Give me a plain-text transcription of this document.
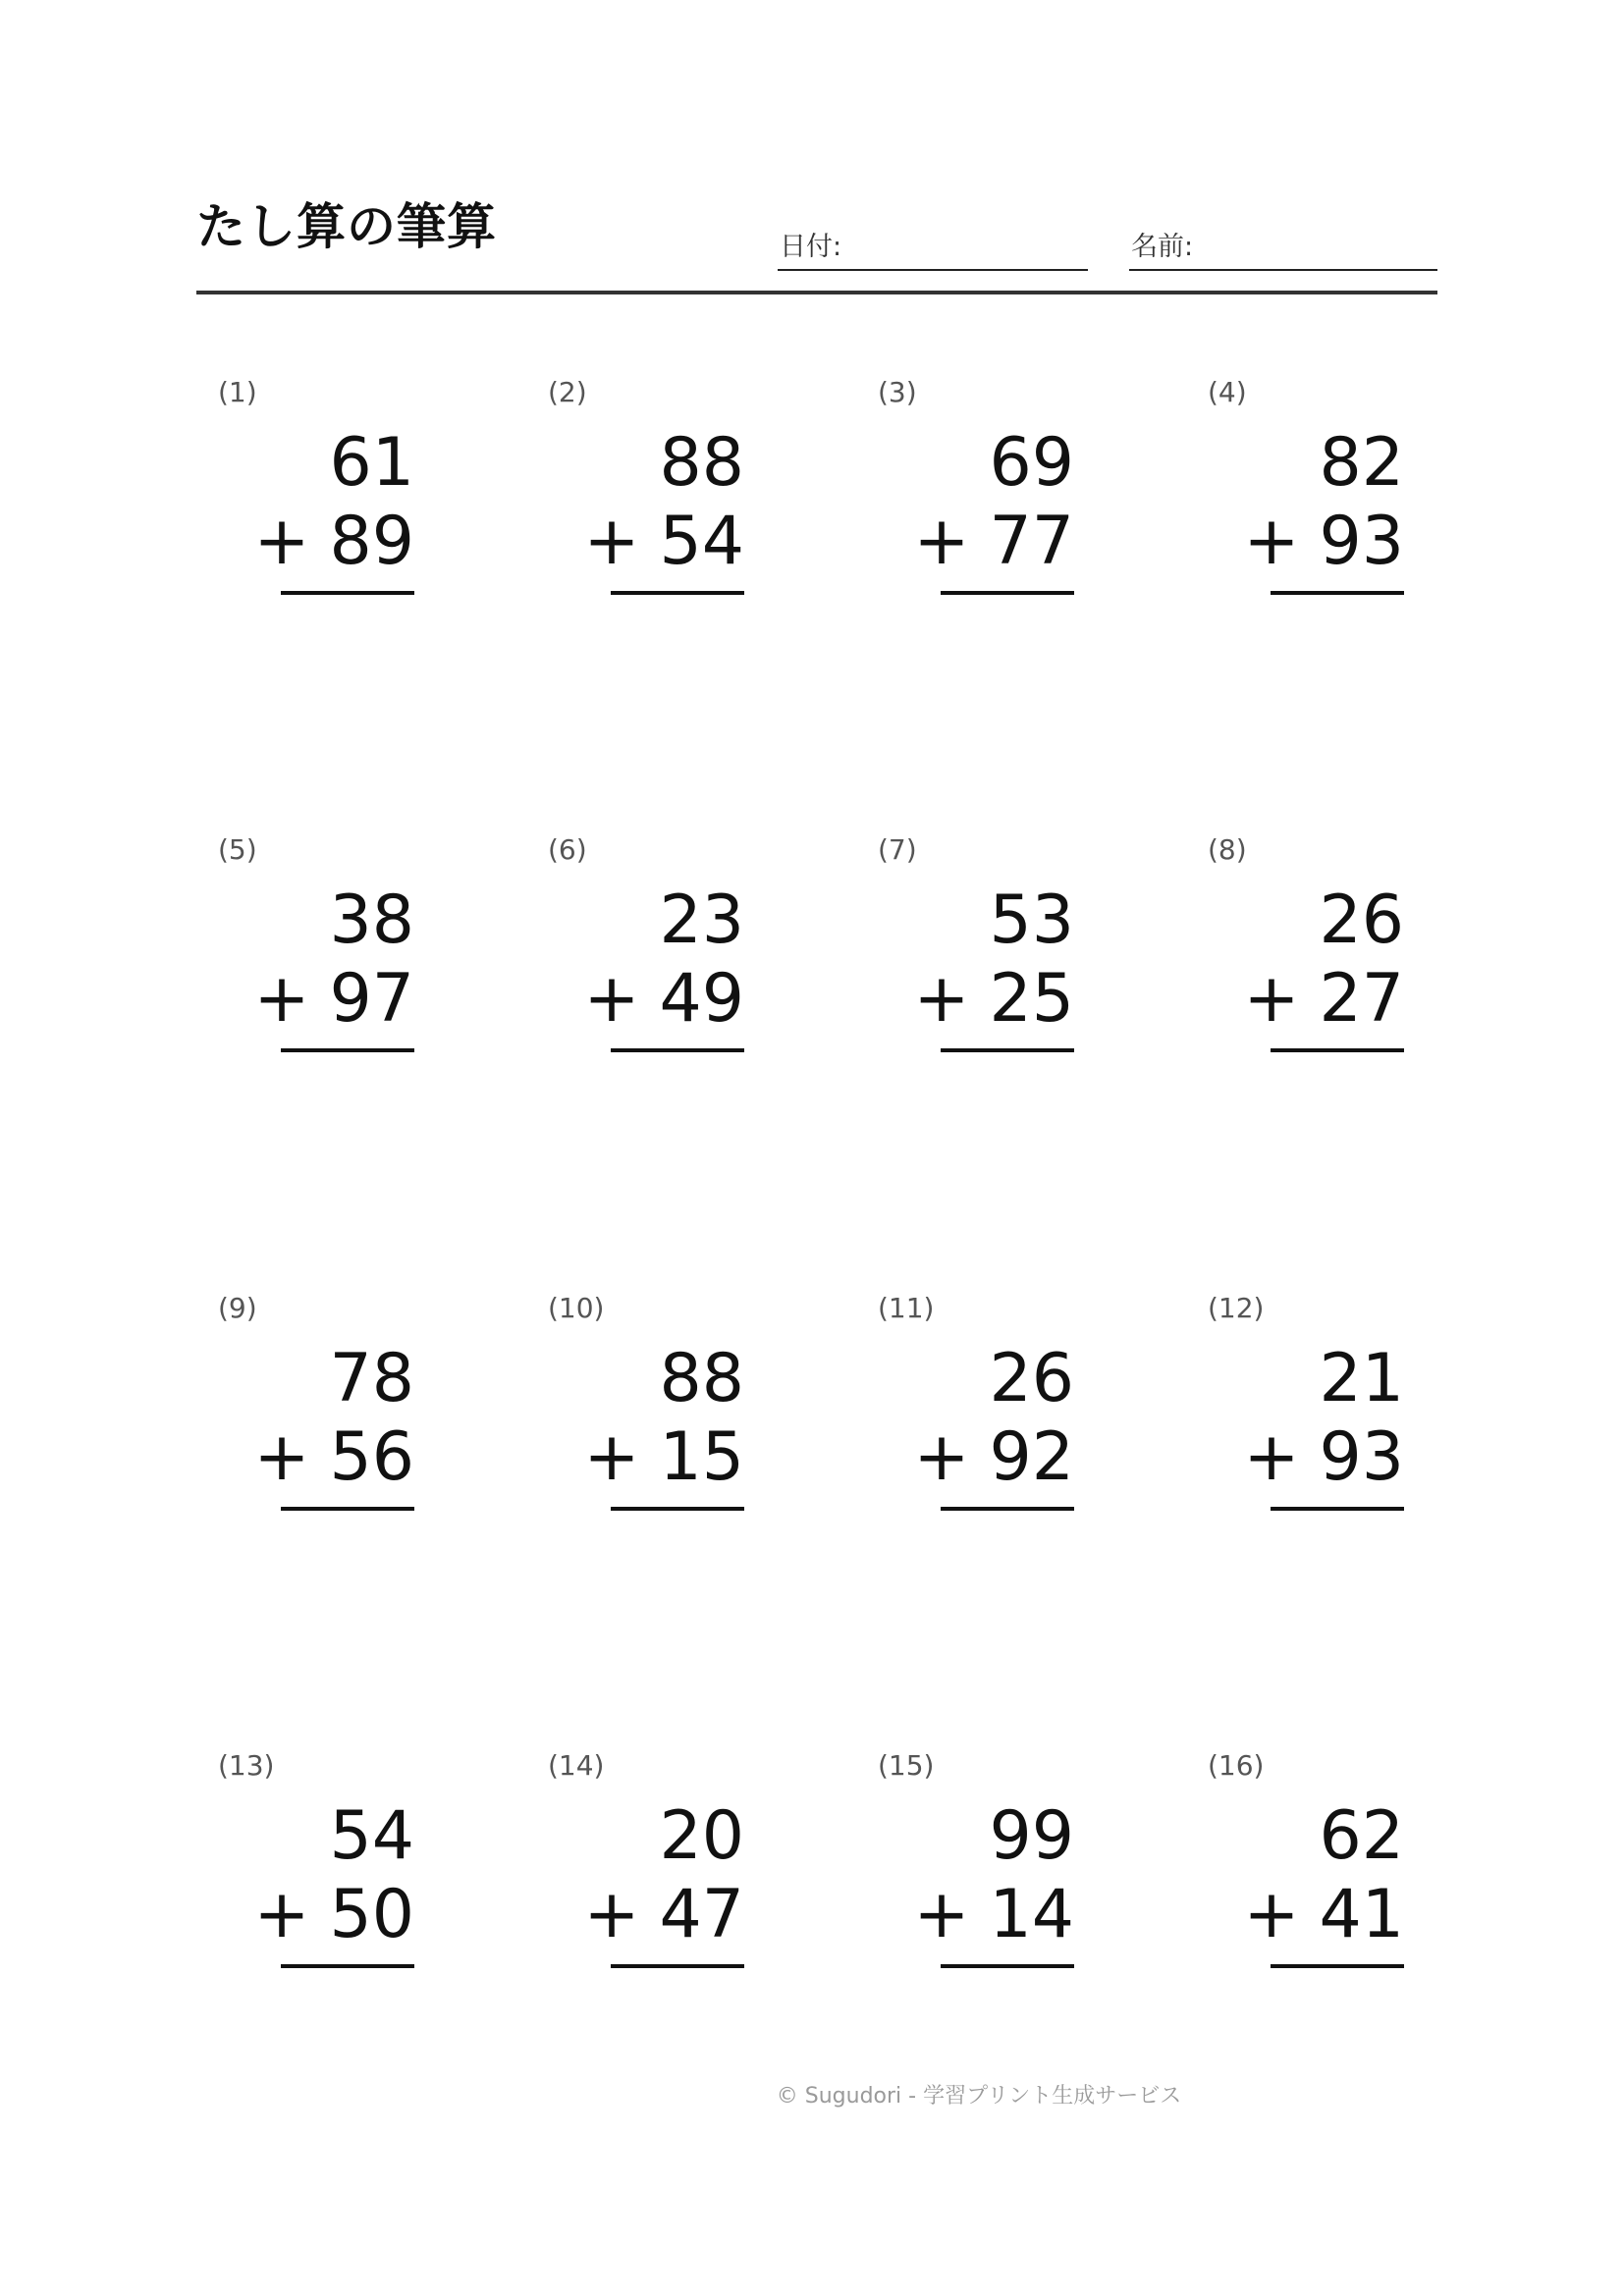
たし算の筆算	日付:	名前:
(1)
61
+ 89
(2)
88
+ 54
(3)
69
+ 77
(4)
82
+ 93
(5)
38
+ 97
(6)
23
+ 49
(7)
53
+ 25
(8)
26
+ 27
(9)
78
+ 56
(10)
88
+ 15
(11)
26
+ 92
(12)
21
+ 93
(13)
54
+ 50
(14)
20
+ 47
(15)
99
+ 14
(16)
62
+ 41
© Sugudori - 学習プリント生成サービス
